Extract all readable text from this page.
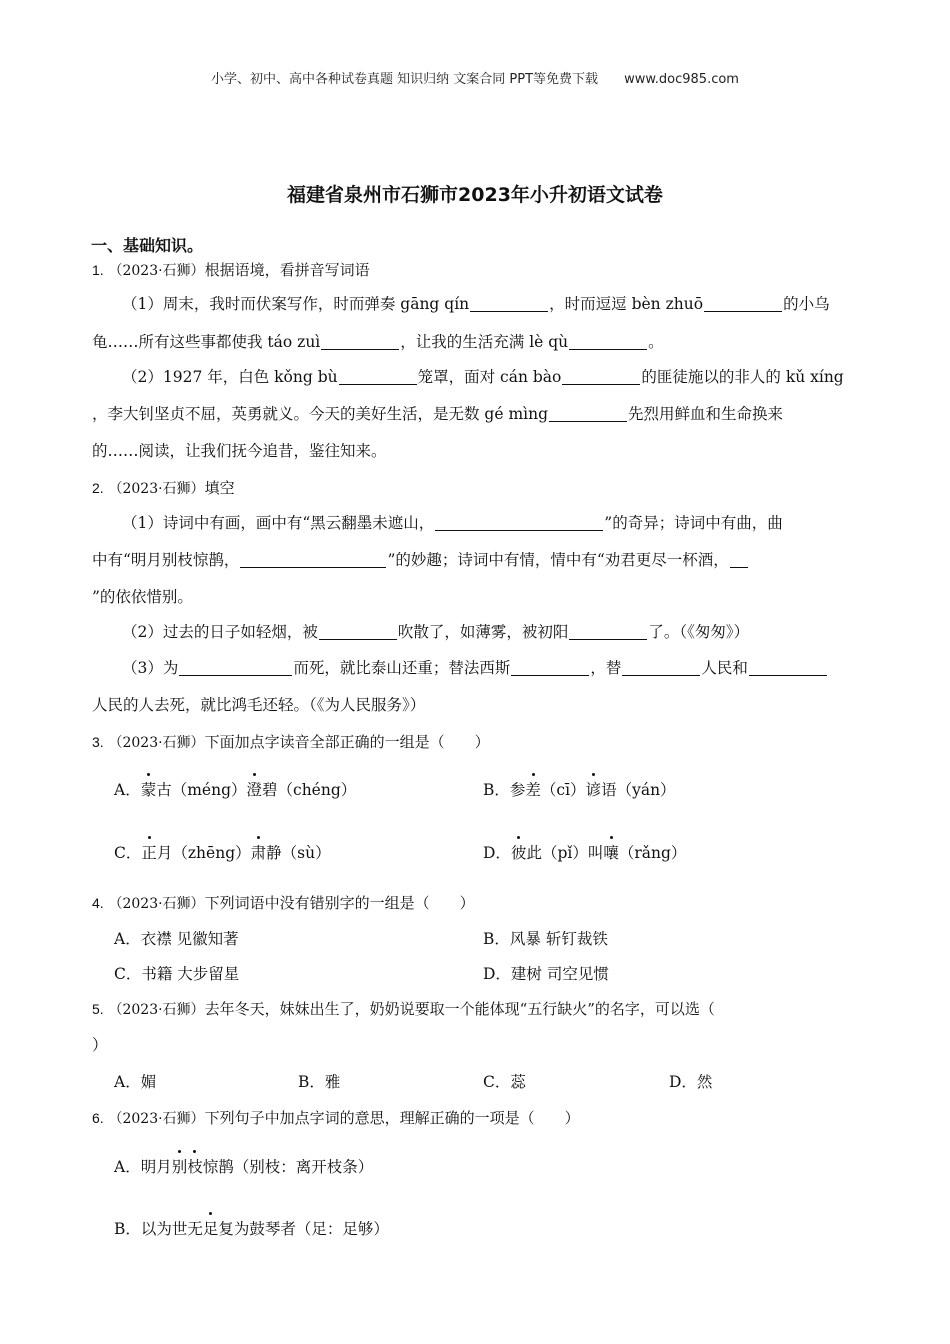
小学、初中、高中各种试卷真题 知识归纳 文案合同 PPT等免费下载 www.doc985.com
福建省泉州市石狮市2023年小升初语文试卷
一、基础知识。
1. （2023·石狮）根据语境，看拼音写词语
（1）周末，我时而伏案写作，时而弹奏 gāng qín	，时而逗逗 bèn zhuō	的小乌
龟……所有这些事都使我 táo zuì	，让我的生活充满 lè qù	。
（2）1927 年，白色 kǒng bù	笼罩，面对 cán bào	的匪徒施以的非人的 kǔ xíng
，李大钊坚贞不屈，英勇就义。今天的美好生活，是无数 gé mìng	先烈用鲜血和生命换来
的……阅读，让我们抚今追昔，鉴往知来。
2. （2023·石狮）填空
（1）诗词中有画，画中有“黑云翻墨未遮山，	”的奇异；诗词中有曲，曲
中有“明月别枝惊鹊，	”的妙趣；诗词中有情，情中有“劝君更尽一杯酒，
”的依依惜别。
（2）过去的日子如轻烟，被	吹散了，如薄雾，被初阳	了。（《匆匆》）
（3）为	而死，就比泰山还重；替法西斯	，替	人民和
人民的人去死，就比鸿毛还轻。（《为人民服务》）
3. （2023·石狮）下面加点字读音全部正确的一组是（　　）
A．蒙古（méng）澄碧（chéng）	B．参差（cī）谚语（yán）
C．正月（zhēng）肃静（sù）	D．彼此（pǐ）叫嚷（rǎng）
4. （2023·石狮）下列词语中没有错别字的一组是（　　）
A．衣襟 见徽知著	B．风暴 斩钉裁铁
C．书籍 大步留星	D．建树 司空见惯
5. （2023·石狮）去年冬天，妹妹出生了，奶奶说要取一个能体现“五行缺火”的名字，可以选（
）
A．媚	B．雅	C．蕊	D．然
6. （2023·石狮）下列句子中加点字词的意思，理解正确的一项是（　　）
A．明月别枝惊鹊（别枝：离开枝条）
B．以为世无足复为鼓琴者（足：足够）
